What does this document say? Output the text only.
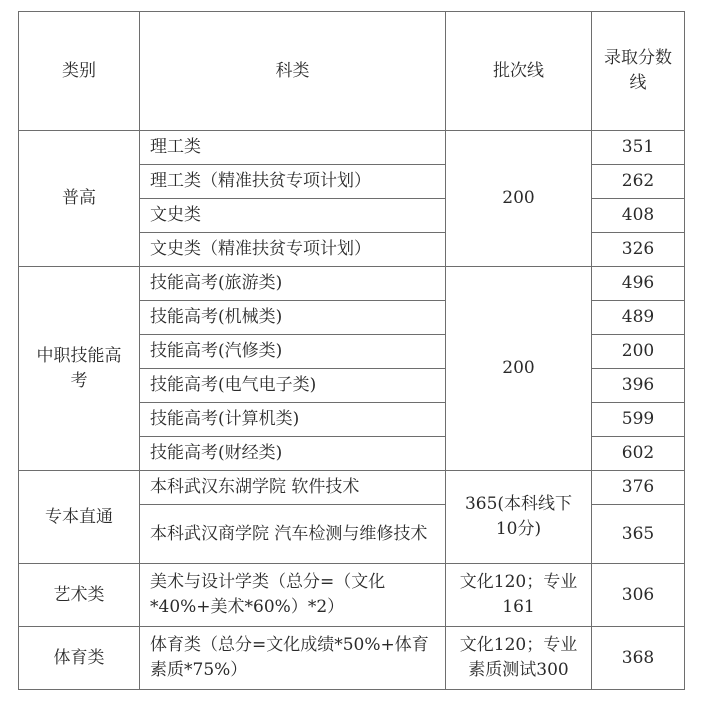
类别	科类	批次线	录取分数线
普高	理工类	200	351
	理工类（精准扶贫专项计划）		262
	文史类		408
	文史类（精准扶贫专项计划）		326
中职技能高考	技能高考(旅游类)	200	496
	技能高考(机械类)		489
	技能高考(汽修类)		200
	技能高考(电气电子类)		396
	技能高考(计算机类)		599
	技能高考(财经类)		602
专本直通	本科武汉东湖学院 软件技术	365(本科线下10分)	376
	本科武汉商学院 汽车检测与维修技术		365
艺术类	美术与设计学类（总分=（文化*40%+美术*60%）*2）	文化120；专业161	306
体育类	体育类（总分=文化成绩*50%+体育素质*75%）	文化120；专业素质测试300	368
